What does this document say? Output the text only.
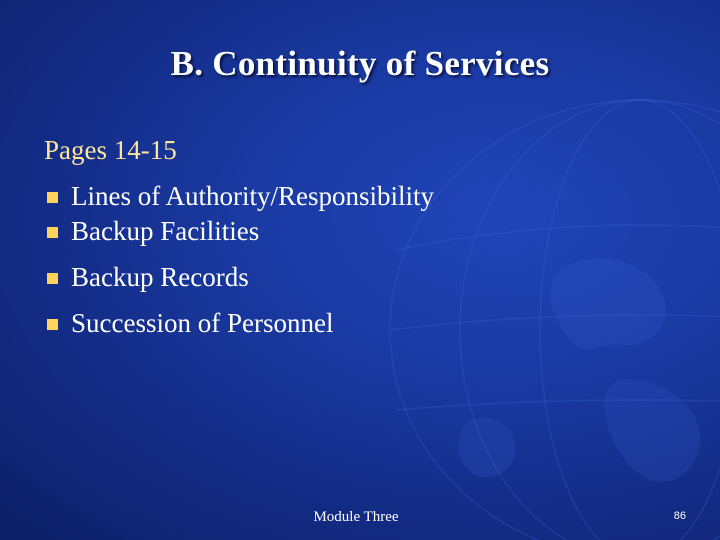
B. Continuity of Services
Pages 14-15
Lines of Authority/Responsibility
Backup Facilities
Backup Records
Succession of Personnel
Module Three	86
